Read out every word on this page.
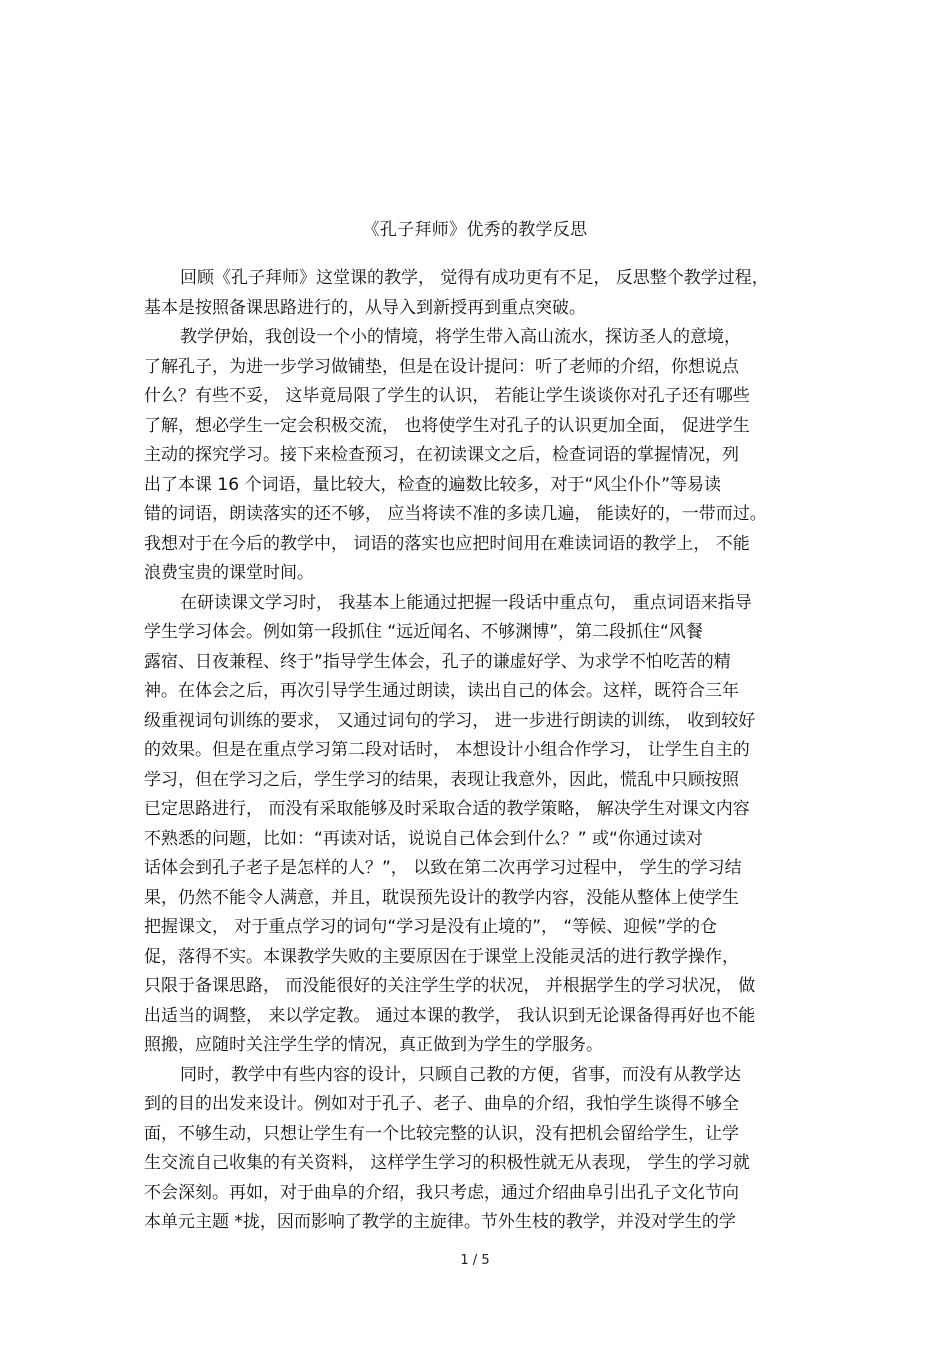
《孔子拜师》优秀的教学反思
回顾《孔子拜师》这堂课的教学， 觉得有成功更有不足， 反思整个教学过程，
基本是按照备课思路进行的，从导入到新授再到重点突破。
教学伊始，我创设一个小的情境，将学生带入高山流水，探访圣人的意境，
了解孔子，为进一步学习做铺垫，但是在设计提问：听了老师的介绍，你想说点
什么？有些不妥， 这毕竟局限了学生的认识， 若能让学生谈谈你对孔子还有哪些
了解，想必学生一定会积极交流， 也将使学生对孔子的认识更加全面， 促进学生
主动的探究学习。接下来检查预习，在初读课文之后，检查词语的掌握情况，列
出了本课 16 个词语，量比较大，检查的遍数比较多，对于“风尘仆仆”等易读
错的词语，朗读落实的还不够， 应当将读不准的多读几遍， 能读好的，一带而过。
我想对于在今后的教学中， 词语的落实也应把时间用在难读词语的教学上， 不能
浪费宝贵的课堂时间。
在研读课文学习时， 我基本上能通过把握一段话中重点句， 重点词语来指导
学生学习体会。例如第一段抓住 “远近闻名、不够渊博”，第二段抓住“风餐
露宿、日夜兼程、终于”指导学生体会，孔子的谦虚好学、为求学不怕吃苦的精
神。在体会之后，再次引导学生通过朗读，读出自己的体会。这样，既符合三年
级重视词句训练的要求， 又通过词句的学习， 进一步进行朗读的训练， 收到较好
的效果。但是在重点学习第二段对话时， 本想设计小组合作学习， 让学生自主的
学习，但在学习之后，学生学习的结果，表现让我意外，因此，慌乱中只顾按照
已定思路进行， 而没有采取能够及时采取合适的教学策略， 解决学生对课文内容
不熟悉的问题，比如：“再读对话，说说自己体会到什么？” 或“你通过读对
话体会到孔子老子是怎样的人？”， 以致在第二次再学习过程中， 学生的学习结
果，仍然不能令人满意，并且，耽误预先设计的教学内容，没能从整体上使学生
把握课文， 对于重点学习的词句“学习是没有止境的”， “等候、迎候”学的仓
促，落得不实。本课教学失败的主要原因在于课堂上没能灵活的进行教学操作，
只限于备课思路， 而没能很好的关注学生学的状况， 并根据学生的学习状况， 做
出适当的调整， 来以学定教。 通过本课的教学， 我认识到无论课备得再好也不能
照搬，应随时关注学生学的情况，真正做到为学生的学服务。
同时，教学中有些内容的设计，只顾自己教的方便，省事，而没有从教学达
到的目的出发来设计。例如对于孔子、老子、曲阜的介绍，我怕学生谈得不够全
面，不够生动，只想让学生有一个比较完整的认识，没有把机会留给学生，让学
生交流自己收集的有关资料， 这样学生学习的积极性就无从表现， 学生的学习就
不会深刻。再如，对于曲阜的介绍，我只考虑，通过介绍曲阜引出孔子文化节向
本单元主题 *拢，因而影响了教学的主旋律。节外生枝的教学，并没对学生的学
1 / 5
